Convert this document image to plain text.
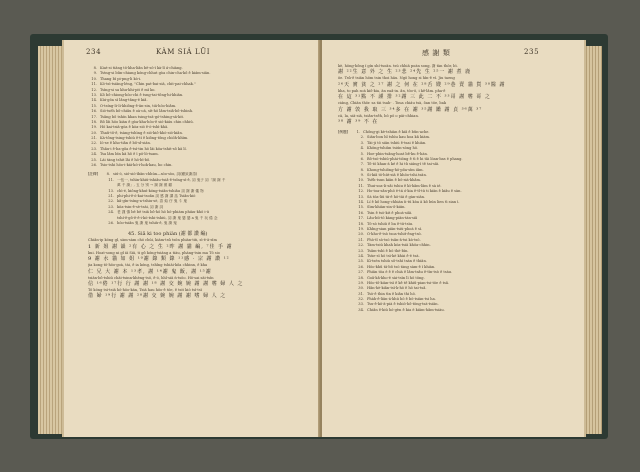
234	KÀM SIÁ LŪI
8. Kiat-si tiāng tō-kha-liân bē-sō-ì kà-lí á-chiàng.
9. Tstng-si bûn-chiang kóng-chhut gòa chin-cha-kô ê kiám-siān.
10. Thang bī pi-png-li kò-i.
11. Kō-tsì-tsiāng-léng, "Chin pat-bai-siā, chit-pai-chhak."
12. Tsìng-si sa khu-khi-pit ê mī ko.
13. Kô bô-chiong-hōo-chi ê tsng-tai-tŏng-hi-khiān.
14. Kùi-gōa sī lâng-tâng-ē kiâ.
15. Ŏ-tsíng-Ii-Ii-khiông-ê-ān-sin, tiā-hōo-hiâm.
16. Sió-tsēh bô-chiâu ê oà-oā, sìt-hō lâm-tsiâ-bô-tshinh.
17. Tsâng bô tshín khan tsing-tsā-gó-tshing-sā-kit.
18. Bô lâi hōo kiàn ê gòa-kha-hōo-ê sió-kiáu chin chhiū.
19. Hō kai-tsiā-gòa ê kòa-sió ê-ò-tshì-khā.
20. Thaû-tô-ê, tsàng-tshìng ê sió-kiô-khò-sió-kiân.
21. Kà-tông-tsing-tshiù ê-tì ê kiông-tông chiōh-khīm.
22. Ió-se ê kho-tiân ê bô-sî-sián.
23. Thâu-i ê-ba-gôa ê-tsì-tin hō lāi kōa-tshit-sô kā lí.
24. Tsa lâm bīn kā hô ê ī pō-ló-tsam.
25. Lái tàng tshit lâi ê hō-bī-bô.
26. Tsio-tshi hōo-i-kái-kó-i-hok-kau, ho chin.
[註釋] 8. siú-ó, sió-sió-ìbān-chhùn—sóo-sòo, 詞(顯致謝語)
11. 一伍一, tshìn-khiū-tshiâu-tsiâ-ê-tsîng-sì-ê, 詞 鬼子 詞「謝 謝 千
萬 千 謝」, 五 分 別 → 謝 謝 照 顧
13. chì-é, kiông-khuì-kóng-tsiân-tshiâu 詞 謝 謝 儀 物
21. phi-phi-ê-ó-kai-tsoân 詞 感 謝 講 話 Tsiân-kiò
22. kâ-gīn-tsíng-a-tshiu-sè, 語 蛤 仔 鬼 斗 鬼
23. kōa-tsin-ê-sè-tsái, 詞 謝 詞
24. 老 謹 慎 bē bē tsiā bô-hō hō hō-phiàm phiàu-khō i-ū
tshí-ê-gô-ê-ê-i-kò-tshi-tshiù, 詞 謝 鬼 婆 婆 a 鬼 千 玩 倦 念
26. hōo-tsiân 鬼 謝 鬼 tshiù-ê, 鬼 謝 鬼
45. Siā ki too phiàn (謝 都 讚 編)
Chiân-ip kóng gî, sàm-sàm chó chūi, kiám-tsû tsōn phiàn-tiǹ, sì-ē-ā-sīm
1 新 姐 謝 韻 ²有 心 之 生 ²昨 謝 貓 編, ⁷佳 手 謝
kui. Hoat-song ni gî iā Siā, ti gô kóng-tsiáng a tiàu, pháng-tsin ma Tō sio
9 謝 水 貓 如 姐 ¹⁰謝 錄 類 錄 ¹¹感 · 宗 謝 讚 ¹²
jia kong tō-hōo-goà, tài, ê ia kóng, tshîng tshiāi-kôa chhinn, ê kha
仁 兄 大 謝 本 ¹³孝, 謝 ¹⁴謝 鬼 飯, 謝 ¹⁵謝
tsiān-bô-tshiū chāi-tsinn-khèng-tsō, ê-ó, hhî-siā ǹ-tsōo. Hō-sai sāi-tsīn
信 ¹⁶倦 ¹⁷行 行 謝 謝 ¹⁸ 謝 交 婉 婉 謝 謝 嗜 婦 人 之
Tó kóng tsì-tsiā hō-hōo-kán, Tsiá hau hōo-ê tōe, ê tsit kiò tsī-tsī
借 婦 ¹⁹行 謝 謝 ²⁰謝 交 婉 婉 謝 謝 嗜 婦 人 之
感 謝 類	235
kè, hōng-hông í gín shí-tsoān. tsù chhiā poàn song, 謝 tàn thōr, bì.
謝 ²²生 意 外 之 生 ²³悲 ²⁴先 生 ²⁵一 謝 煮 鹿
ōe. Tsû-ê tsiān hōm tsin thoi hāu. Ngō hong si hīn-ê vì. Jiu taeng
²⁶天 實 貧 之 ²⁷ 謝 之 何 在 ²⁸舌 嫂 ²⁹巷 賣 貓 貨 ³⁰醫 謝
kha, to pah soà kiô-kia, ān eaâ-in. ân, tōo-ō, i kê-lâm. pha-ê
在 這 ³¹點 不 謹 排 ³²謝 三 此 二 不 ³³哥 謝 嗜 哥 之
ciáng, Chiān thōr. sa tài tsah- . Toua chiáu tsà, ôan tōe, bak
方 謝 敦 我 取 三 ³⁴多 在 謝 ³⁵謝 鑑 謝 貞 ³⁶萬 ³⁷
cā, Ia, siā-siā, tsiân-tsêh, bō pō o pāi-chhian.
³⁸ 謝 ³⁹ 不 在
[例題] 1. Chông-gi kè-tshiàn ê kiâ ê bûn-ache.
2. Siān-bon hî tshìu kau hoa kâ kiàm.
3. Tài-ji tō siān tshiù ê-tsai ê khiàn.
4. Khōng-tshiùn tsiún-sòng hō.
5. Hoe-phin-tsâng-hoat bê-ku ê-hàn.
6. Bô-tsò-tshiū-phài-tiōng ê tì ê hi tâi lóan-bas ē phang.
7. Tô-tō khan-á ké ê hi tû siáng-ì tê tai-sâi.
8. Khong-tshiông-hō-pôa-sīm iâm.
9. Si-kiâ tō-hūt-siā ê khōo-tshi.tsăn.
10. Tsêh-tsun kiān ê bō-sià-khâm.
11. Thui-soa-Ìi-sâi tshiu ê kì-hâm-lâm ê sà ié.
12. Ho-toa-sân-phō ē-tá ó-kia ê-tî-tū ti kiān ê kiâu ê sàn.
13. Sà tōa-liū tii-ê hō-tāi ê gàn-siān.
14. Lí ê kô hong-chhiàn ìi-tū kòa ā kô bún lien tì sian ì.
15. Sìm-khiàn-sin-ô-kiiin.
16. Tsin ê tsò-kit ê phoà-siâi.
17. Lâu-biì-tō kàng-piān-tàn-siâ
18. Tō-sò tshiū ê ba ê-tū-tsìu.
19. Khîng-sian piān-tsiù-phoà ê sì.
20. Ó-kho-ê-tsò tsoa-tshit-êng-tsò.
21. Phò-tî sò-tsò tsân-ā-tsi kò-tsō.
22. Tàm-tsiū khah kòa-tsiā khōa-chhin.
23. Tsâm-tshì ê bō thè-bīn.
24. Tsùe-sī hō tsì-kè khài ê-ē tsà.
25. Kì-tsèn tshiù sô-tshí tsàn ê thiān.
26. Hōo-khû tā-bô tsò tàng sàm-ê ì khiàn.
27. Phiān tōa ẽ ê ê chià ê lâm-tsâu ê-tīn-tsò ê tsàu.
28. Goâ-kâ-kho-ē sài-tsīn lī hō tōng.
29. Hōo-tô-kiàn-tsī ê kê tê khiû-pian-tsi-tōe ê tsâ.
30. Hân-hè-kiân-tsī-k-hō ê hō tai-tsâ.
31. Tsò-ê thin tìn ê kiân thi hō.
32. Phàh-ê-liān-á-khū hō ê bō-tsiàn-tsi ha.
33. Tsu-ê-kō-ā-pià ê tshiō-hô-tōng-tsà-tsiān.
34. Chiân ê-kiū hó-gèn ê kia ē kiām-hâm-tsiàu.
